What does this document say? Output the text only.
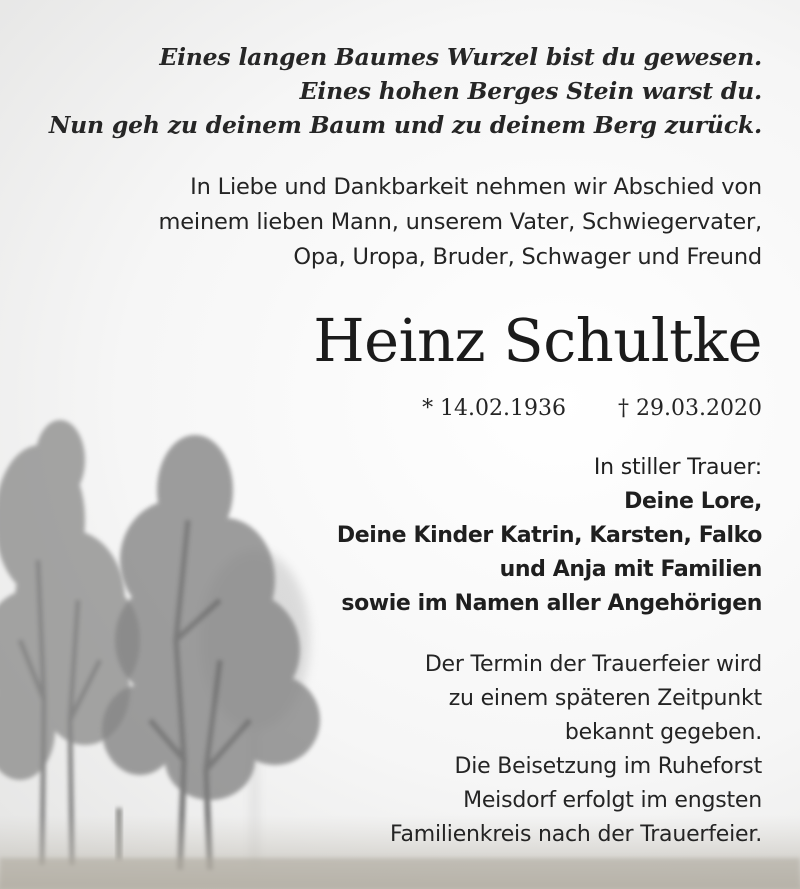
Eines langen Baumes Wurzel bist du gewesen.
Eines hohen Berges Stein warst du.
Nun geh zu deinem Baum und zu deinem Berg zurück.
In Liebe und Dankbarkeit nehmen wir Abschied von
meinem lieben Mann, unserem Vater, Schwiegervater,
Opa, Uropa, Bruder, Schwager und Freund
Heinz Schultke
* 14.02.1936 † 29.03.2020
In stiller Trauer:
Deine Lore,
Deine Kinder Katrin, Karsten, Falko
und Anja mit Familien
sowie im Namen aller Angehörigen
Der Termin der Trauerfeier wird
zu einem späteren Zeitpunkt
bekannt gegeben.
Die Beisetzung im Ruheforst
Meisdorf erfolgt im engsten
Familienkreis nach der Trauerfeier.
